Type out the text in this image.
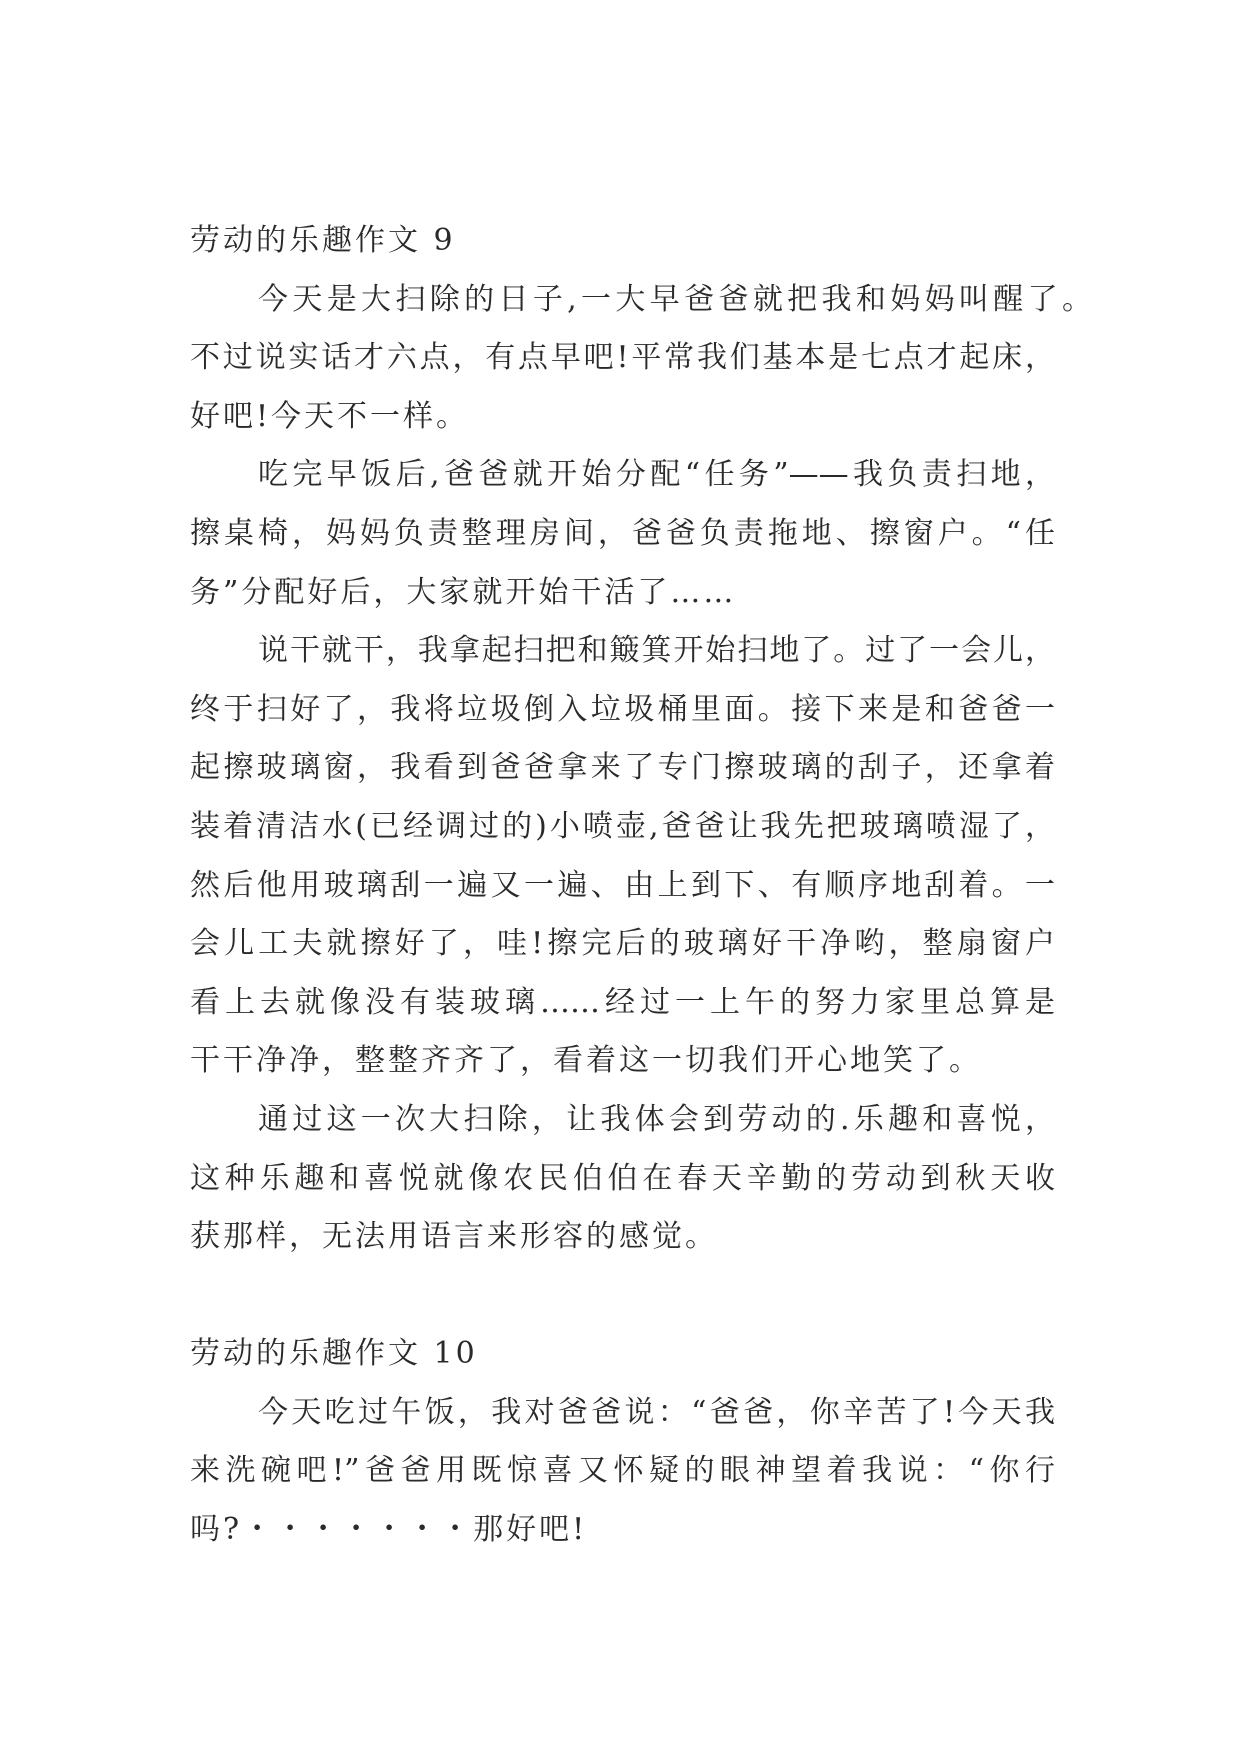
劳动的乐趣作文 9
今天是大扫除的日子,一大早爸爸就把我和妈妈叫醒了。
不过说实话才六点，有点早吧!平常我们基本是七点才起床，
好吧!今天不一样。
吃完早饭后,爸爸就开始分配“任务”——我负责扫地，
擦桌椅，妈妈负责整理房间，爸爸负责拖地、擦窗户。“任
务”分配好后，大家就开始干活了……
说干就干，我拿起扫把和簸箕开始扫地了。过了一会儿，
终于扫好了，我将垃圾倒入垃圾桶里面。接下来是和爸爸一
起擦玻璃窗，我看到爸爸拿来了专门擦玻璃的刮子，还拿着
装着清洁水(已经调过的)小喷壶,爸爸让我先把玻璃喷湿了，
然后他用玻璃刮一遍又一遍、由上到下、有顺序地刮着。一
会儿工夫就擦好了，哇!擦完后的玻璃好干净哟，整扇窗户
看上去就像没有装玻璃……经过一上午的努力家里总算是
干干净净，整整齐齐了，看着这一切我们开心地笑了。
通过这一次大扫除，让我体会到劳动的.乐趣和喜悦，
这种乐趣和喜悦就像农民伯伯在春天辛勤的劳动到秋天收
获那样，无法用语言来形容的感觉。
劳动的乐趣作文 10
今天吃过午饭，我对爸爸说：“爸爸，你辛苦了!今天我
来洗碗吧!”爸爸用既惊喜又怀疑的眼神望着我说：“你行
吗?・・・・・・・那好吧!
